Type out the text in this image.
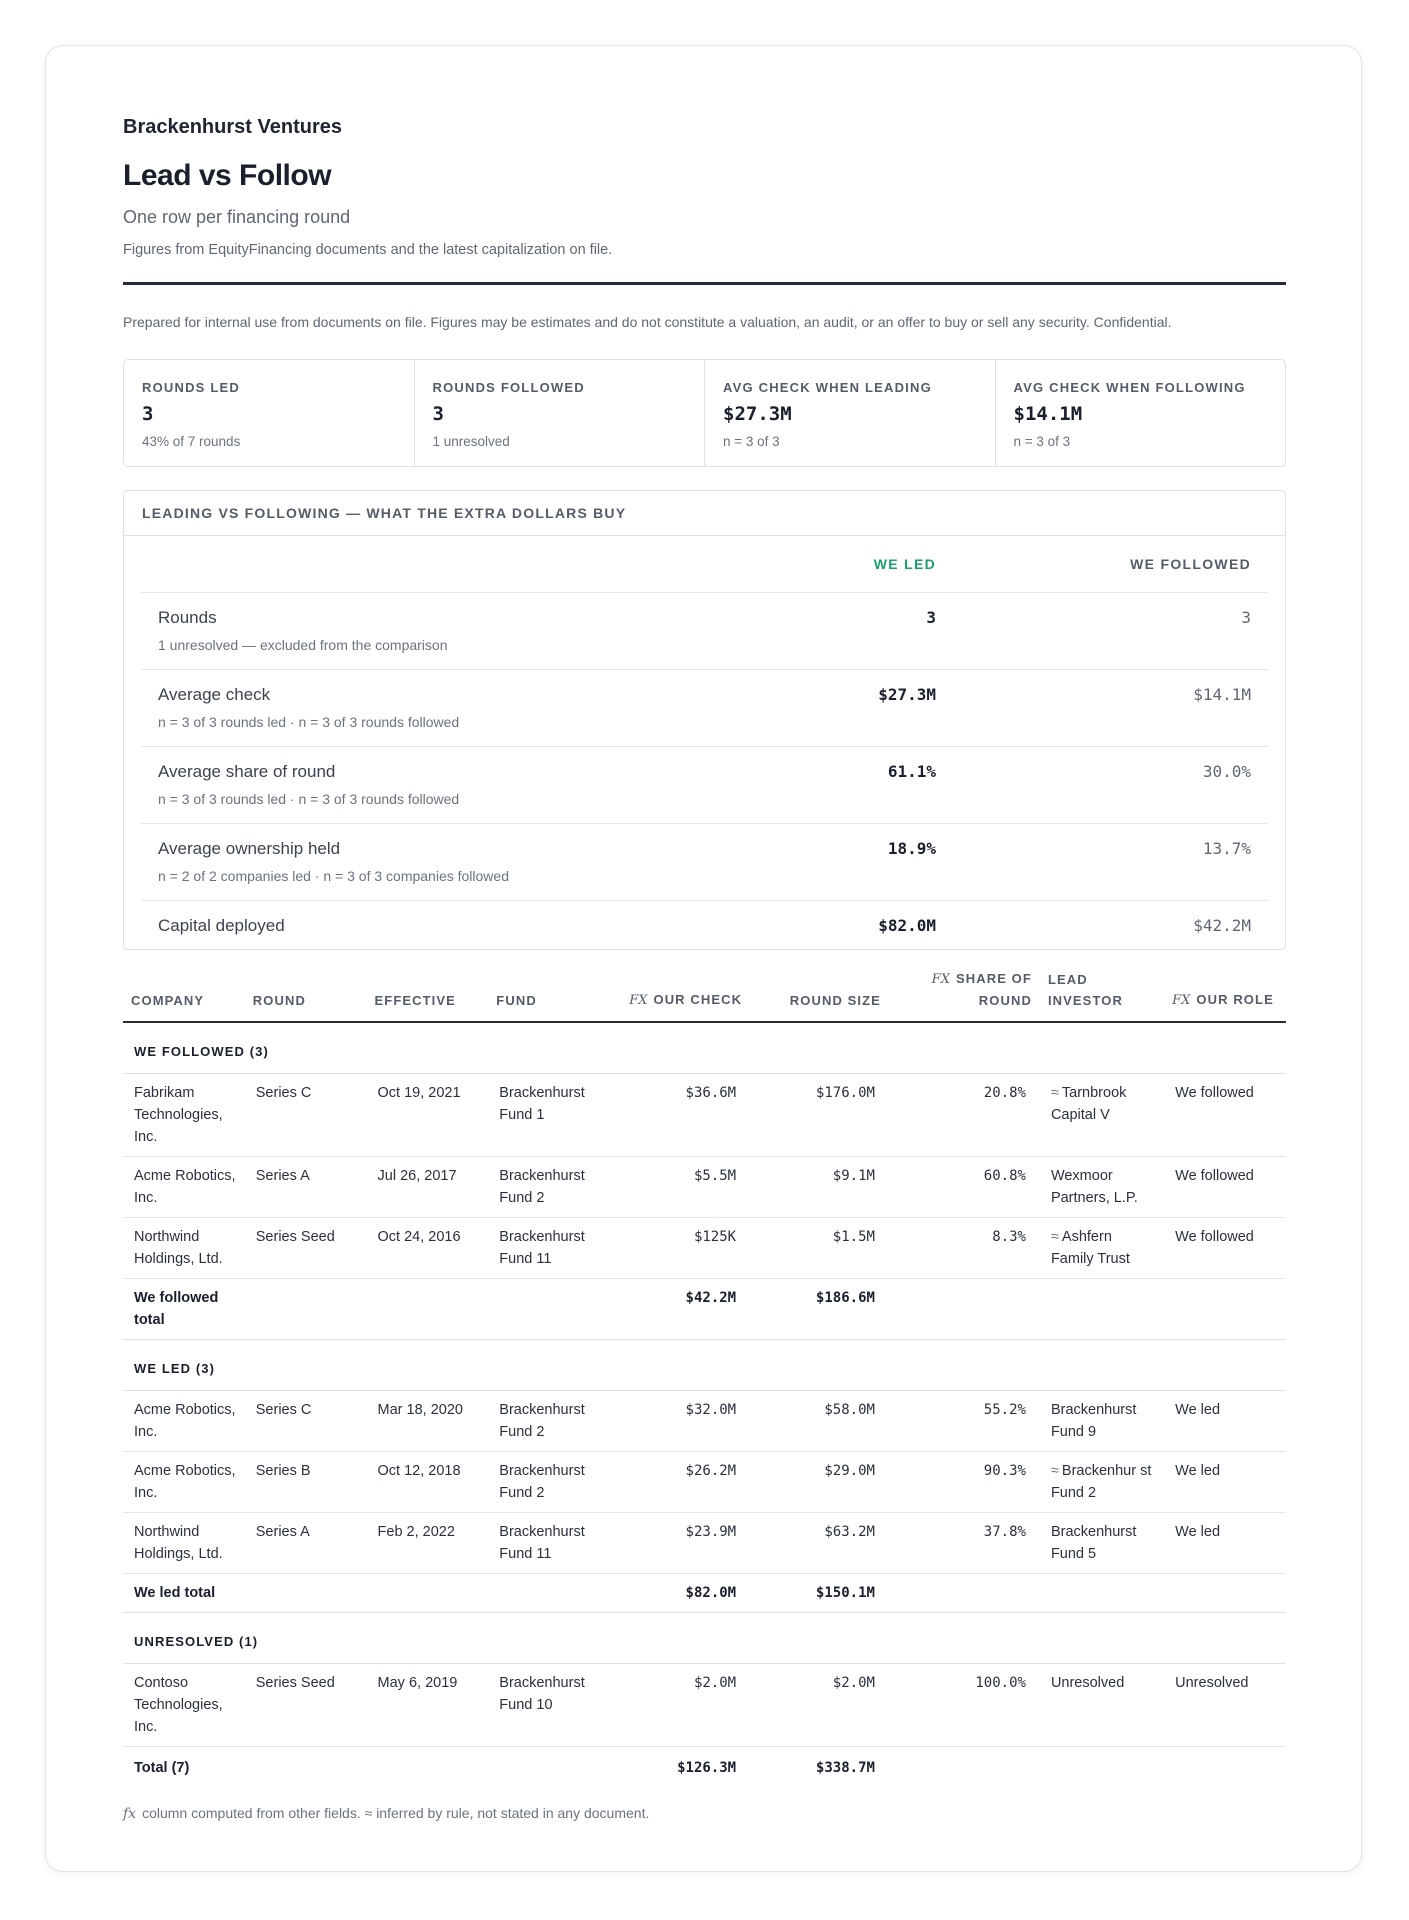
Brackenhurst Ventures
Lead vs Follow
One row per financing round
Figures from EquityFinancing documents and the latest capitalization on file.
Prepared for internal use from documents on file. Figures may be estimates and do not constitute a valuation, an audit, or an offer to buy or sell any security. Confidential.
ROUNDS LED
3
43% of 7 rounds
ROUNDS FOLLOWED
3
1 unresolved
AVG CHECK WHEN LEADING
$27.3M
n = 3 of 3
AVG CHECK WHEN FOLLOWING
$14.1M
n = 3 of 3
LEADING VS FOLLOWING — WHAT THE EXTRA DOLLARS BUY
WE LED	WE FOLLOWED
Rounds
1 unresolved — excluded from the comparison
3	3
Average check
n = 3 of 3 rounds led · n = 3 of 3 rounds followed
$27.3M	$14.1M
Average share of round
n = 3 of 3 rounds led · n = 3 of 3 rounds followed
61.1%	30.0%
Average ownership held
n = 2 of 2 companies led · n = 3 of 3 companies followed
18.9%	13.7%
Capital deployed	$82.0M	$42.2M
COMPANY	ROUND	EFFECTIVE	FUND	FX OUR CHECK	ROUND SIZE	FX SHARE OF ROUND	LEAD INVESTOR	FX OUR ROLE
WE FOLLOWED (3)								
Fabrikam Technologies, Inc.	Series C	Oct 19, 2021	Brackenhurst Fund 1	$36.6M	$176.0M	20.8%	≈ Tarnbrook Capital V	We followed
Acme Robotics, Inc.	Series A	Jul 26, 2017	Brackenhurst Fund 2	$5.5M	$9.1M	60.8%	Wexmoor Partners, L.P.	We followed
Northwind Holdings, Ltd.	Series Seed	Oct 24, 2016	Brackenhurst Fund 11	$125K	$1.5M	8.3%	≈ Ashfern Family Trust	We followed
We followed total				$42.2M	$186.6M			
WE LED (3)								
Acme Robotics, Inc.	Series C	Mar 18, 2020	Brackenhurst Fund 2	$32.0M	$58.0M	55.2%	Brackenhurst Fund 9	We led
Acme Robotics, Inc.	Series B	Oct 12, 2018	Brackenhurst Fund 2	$26.2M	$29.0M	90.3%	≈ Brackenhur st Fund 2	We led
Northwind Holdings, Ltd.	Series A	Feb 2, 2022	Brackenhurst Fund 11	$23.9M	$63.2M	37.8%	Brackenhurst Fund 5	We led
We led total				$82.0M	$150.1M			
UNRESOLVED (1)								
Contoso Technologies, Inc.	Series Seed	May 6, 2019	Brackenhurst Fund 10	$2.0M	$2.0M	100.0%	Unresolved	Unresolved
Total (7)				$126.3M	$338.7M			
fx column computed from other fields. ≈ inferred by rule, not stated in any document.
